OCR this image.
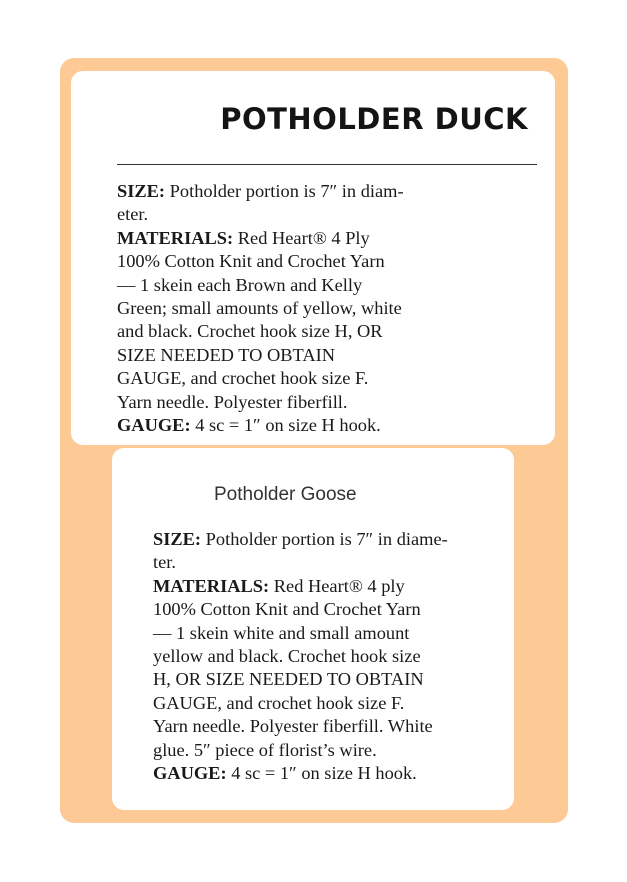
POTHOLDER DUCK

SIZE: Potholder portion is 7″ in diam-

eter.

MATERIALS: Red Heart® 4 Ply

100% Cotton Knit and Crochet Yarn

— 1 skein each Brown and Kelly

Green; small amounts of yellow, white

and black. Crochet hook size H, OR

SIZE NEEDED TO OBTAIN

GAUGE, and crochet hook size F.

Yarn needle. Polyester fiberfill.

GAUGE: 4 sc = 1″ on size H hook.

Potholder Goose

SIZE: Potholder portion is 7″ in diame-

ter.

MATERIALS: Red Heart® 4 ply

100% Cotton Knit and Crochet Yarn

— 1 skein white and small amount

yellow and black. Crochet hook size

H, OR SIZE NEEDED TO OBTAIN

GAUGE, and crochet hook size F.

Yarn needle. Polyester fiberfill. White

glue. 5″ piece of florist’s wire.

GAUGE: 4 sc = 1″ on size H hook.
